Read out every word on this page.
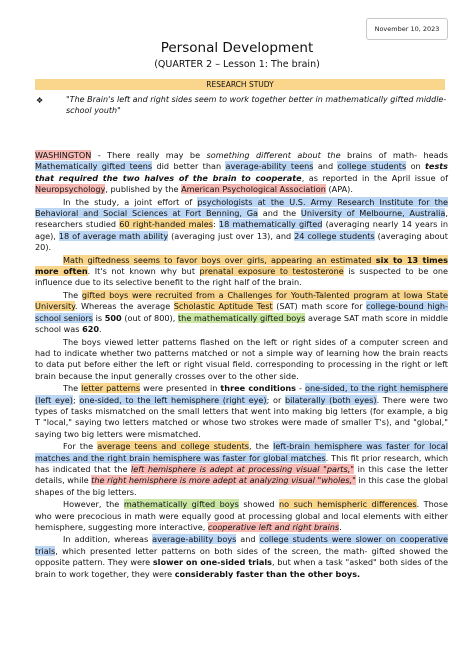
November 10, 2023
Personal Development
(QUARTER 2 – Lesson 1: The brain)
RESEARCH STUDY
❖	"The Brain's left and right sides seem to work together better in mathematically gifted middle- school youth"

WASHINGTON - There really may be something different about the brains of math- heads Mathematically gifted teens did better than average-ability teens and college students on tests that required the two halves of the brain to cooperate, as reported in the April issue of Neuropsychology, published by the American Psychological Association (APA).

In the study, a joint effort of psychologists at the U.S. Army Research Institute for the Behavioral and Social Sciences at Fort Benning, Ga and the University of Melbourne, Australia, researchers studied 60 right-handed males: 18 mathematically gifted (averaging nearly 14 years in age), 18 of average math ability (averaging just over 13), and 24 college students (averaging about 20).

Math giftedness seems to favor boys over girls, appearing an estimated six to 13 times more often. It's not known why but prenatal exposure to testosterone is suspected to be one influence due to its selective benefit to the right half of the brain.

The gifted boys were recruited from a Challenges for Youth-Talented program at Iowa State University. Whereas the average Scholastic Aptitude Test (SAT) math score for college-bound high-school seniors is 500 (out of 800), the mathematically gifted boys average SAT math score in middle school was 620.

The boys viewed letter patterns flashed on the left or right sides of a computer screen and had to indicate whether two patterns matched or not a simple way of learning how the brain reacts to data put before either the left or right visual field. corresponding to processing in the right or left brain because the input generally crosses over to the other side.

The letter patterns were presented in three conditions - one-sided, to the right hemisphere (left eye); one-sided, to the left hemisphere (right eye); or bilaterally (both eyes). There were two types of tasks mismatched on the small letters that went into making big letters (for example, a big T "local," saying two letters matched or whose two strokes were made of smaller T's), and "global," saying two big letters were mismatched.

For the average teens and college students, the left-brain hemisphere was faster for local matches and the right brain hemisphere was faster for global matches. This fit prior research, which has indicated that the left hemisphere is adept at processing visual "parts," in this case the letter details, while the right hemisphere is more adept at analyzing visual "wholes," in this case the global shapes of the big letters.

However, the mathematically gifted boys showed no such hemispheric differences. Those who were precocious in math were equally good at processing global and local elements with either hemisphere, suggesting more interactive, cooperative left and right brains.

In addition, whereas average-ability boys and college students were slower on cooperative trials, which presented letter patterns on both sides of the screen, the math- gifted showed the opposite pattern. They were slower on one-sided trials, but when a task "asked" both sides of the brain to work together, they were considerably faster than the other boys.
